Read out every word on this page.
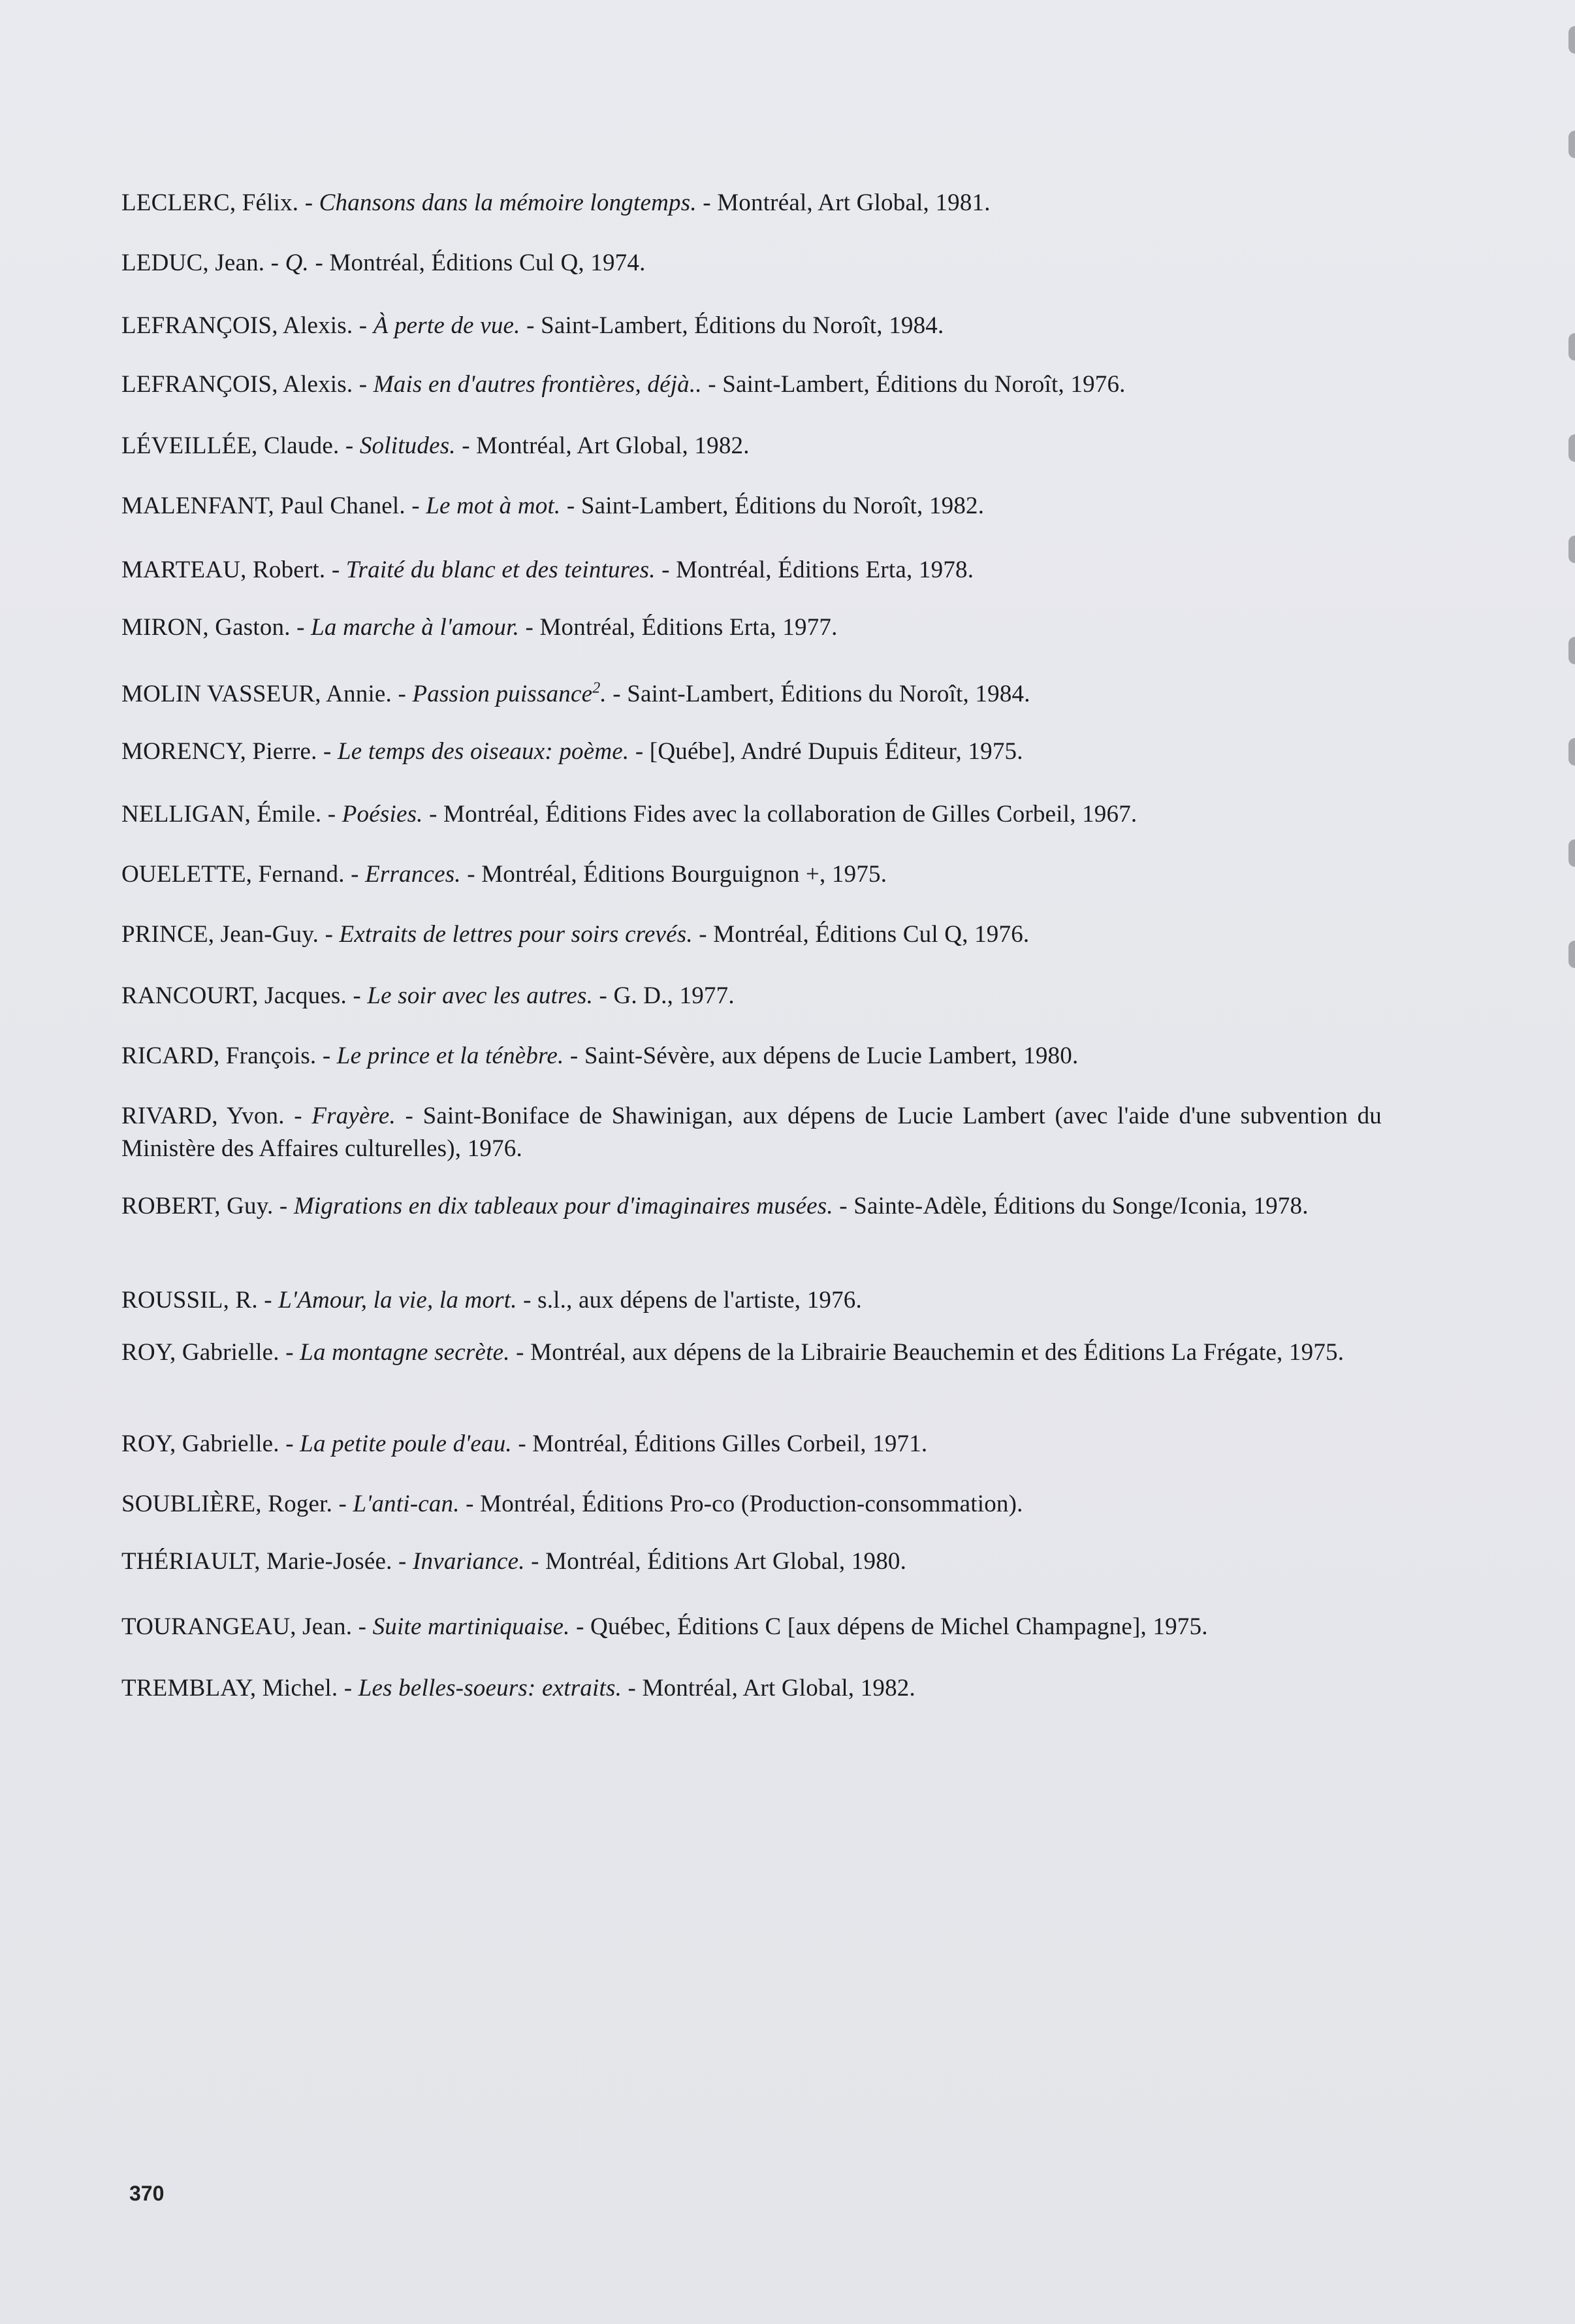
LECLERC, Félix. - Chansons dans la mémoire longtemps. - Montréal, Art Global, 1981.
LEDUC, Jean. - Q. - Montréal, Éditions Cul Q, 1974.
LEFRANÇOIS, Alexis. - À perte de vue. - Saint-Lambert, Éditions du Noroît, 1984.
LEFRANÇOIS, Alexis. - Mais en d'autres frontières, déjà.. - Saint-Lambert, Éditions du Noroît, 1976.
LÉVEILLÉE, Claude. - Solitudes. - Montréal, Art Global, 1982.
MALENFANT, Paul Chanel. - Le mot à mot. - Saint-Lambert, Éditions du Noroît, 1982.
MARTEAU, Robert. - Traité du blanc et des teintures. - Montréal, Éditions Erta, 1978.
MIRON, Gaston. - La marche à l'amour. - Montréal, Éditions Erta, 1977.
MOLIN VASSEUR, Annie. - Passion puissance$^2$. - Saint-Lambert, Éditions du Noroît, 1984.
MORENCY, Pierre. - Le temps des oiseaux: poème. - [Québe], André Dupuis Éditeur, 1975.
NELLIGAN, Émile. - Poésies. - Montréal, Éditions Fides avec la collaboration de Gilles Corbeil, 1967.
OUELETTE, Fernand. - Errances. - Montréal, Éditions Bourguignon +, 1975.
PRINCE, Jean-Guy. - Extraits de lettres pour soirs crevés. - Montréal, Éditions Cul Q, 1976.
RANCOURT, Jacques. - Le soir avec les autres. - G. D., 1977.
RICARD, François. - Le prince et la ténèbre. - Saint-Sévère, aux dépens de Lucie Lambert, 1980.
RIVARD, Yvon. - Frayère. - Saint-Boniface de Shawinigan, aux dépens de Lucie Lambert (avec l'aide d'une subvention du Ministère des Affaires culturelles), 1976.
ROBERT, Guy. - Migrations en dix tableaux pour d'imaginaires musées. - Sainte-Adèle, Éditions du Songe/Iconia, 1978.
ROUSSIL, R. - L'Amour, la vie, la mort. - s.l., aux dépens de l'artiste, 1976.
ROY, Gabrielle. - La montagne secrète. - Montréal, aux dépens de la Librairie Beauchemin et des Éditions La Frégate, 1975.
ROY, Gabrielle. - La petite poule d'eau. - Montréal, Éditions Gilles Corbeil, 1971.
SOUBLIÈRE, Roger. - L'anti-can. - Montréal, Éditions Pro-co (Production-consommation).
THÉRIAULT, Marie-Josée. - Invariance. - Montréal, Éditions Art Global, 1980.
TOURANGEAU, Jean. - Suite martiniquaise. - Québec, Éditions C [aux dépens de Michel Champagne], 1975.
TREMBLAY, Michel. - Les belles-soeurs: extraits. - Montréal, Art Global, 1982.
370
